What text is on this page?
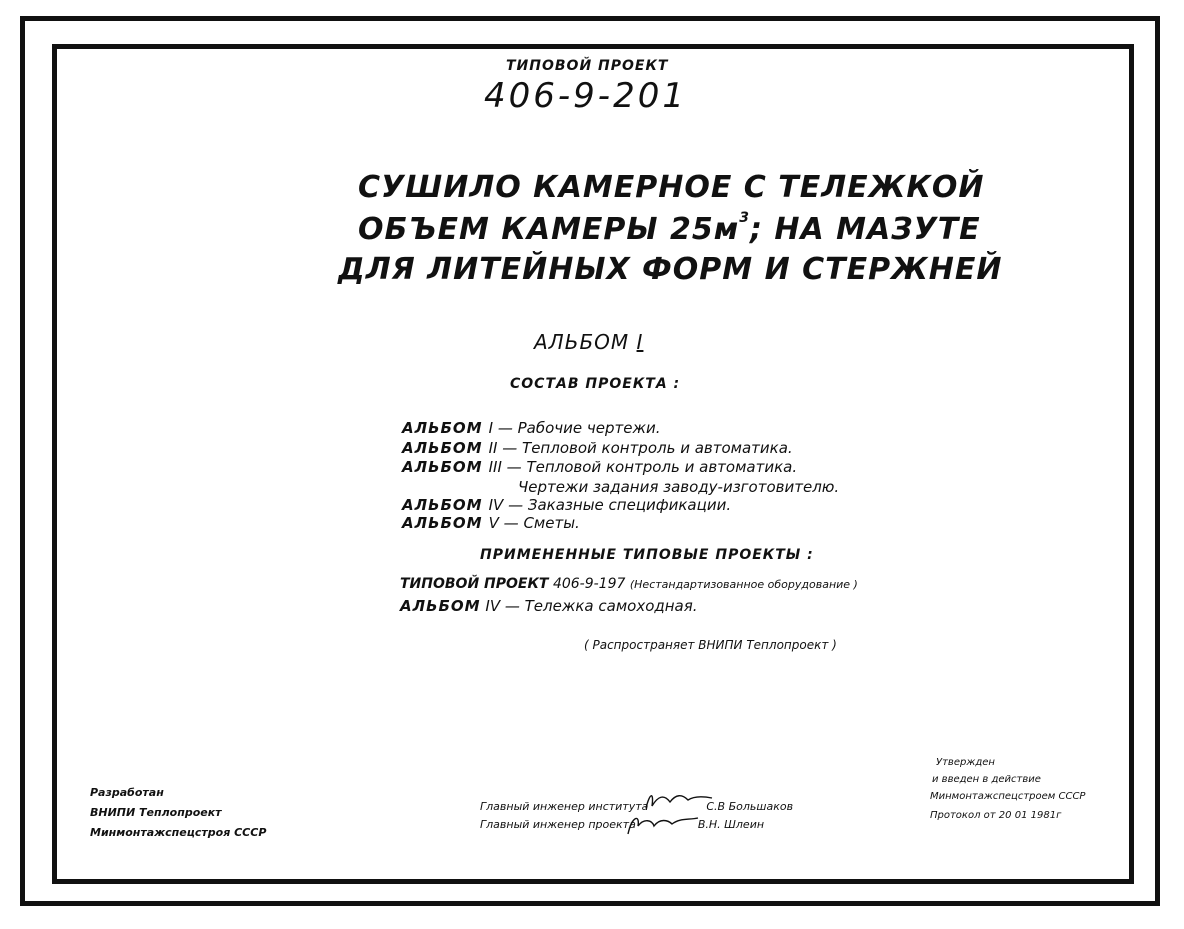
ТИПОВОЙ ПРОЕКТ
406-9-201
СУШИЛО КАМЕРНОЕ С ТЕЛЕЖКОЙ
ОБЪЕМ КАМЕРЫ $25м^3$; НА МАЗУТЕ
ДЛЯ ЛИТЕЙНЫХ ФОРМ И СТЕРЖНЕЙ
АЛЬБОМ I
СОСТАВ ПРОЕКТА :
АЛЬБОМ I — Рабочие чертежи.
АЛЬБОМ II — Тепловой контроль и автоматика.
АЛЬБОМ III — Тепловой контроль и автоматика.
Чертежи задания заводу-изготовителю.
АЛЬБОМ IV — Заказные спецификации.
АЛЬБОМ V — Сметы.
ПРИМЕНЕННЫЕ ТИПОВЫЕ ПРОЕКТЫ :
ТИПОВОЙ ПРОЕКТ 406-9-197 (Нестандартизованное оборудование )
АЛЬБОМ IV — Тележка самоходная.
( Распространяет ВНИПИ Теплопроект )
Разработан
ВНИПИ Теплопроект
Минмонтажспецстроя СССР
Главный инженер института	С.В Большаков
Главный инженер проекта	В.Н. Шлеин
Утвержден
и введен в действие
Минмонтажспецстроем СССР
Протокол от 20 01 1981г
